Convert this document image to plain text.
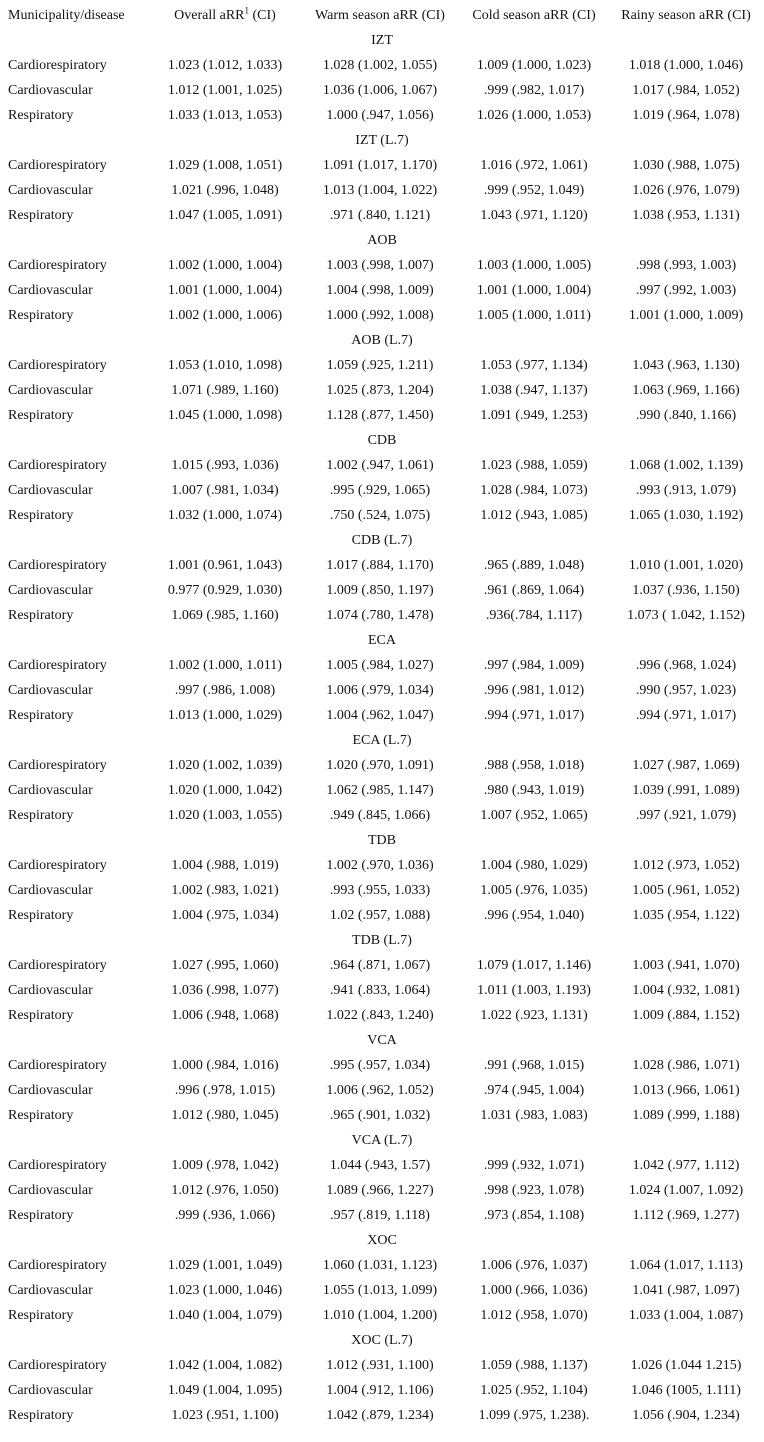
Municipality/disease	Overall aRR$^1$ (CI)	Warm season aRR (CI)	Cold season aRR (CI)	Rainy season aRR (CI)
IZT				
Cardiorespiratory	1.023 (1.012, 1.033)	1.028 (1.002, 1.055)	1.009 (1.000, 1.023)	1.018 (1.000, 1.046)
Cardiovascular	1.012 (1.001, 1.025)	1.036 (1.006, 1.067)	.999 (.982, 1.017)	1.017 (.984, 1.052)
Respiratory	1.033 (1.013, 1.053)	1.000 (.947, 1.056)	1.026 (1.000, 1.053)	1.019 (.964, 1.078)
IZT (L.7)				
Cardiorespiratory	1.029 (1.008, 1.051)	1.091 (1.017, 1.170)	1.016 (.972, 1.061)	1.030 (.988, 1.075)
Cardiovascular	1.021 (.996, 1.048)	1.013 (1.004, 1.022)	.999 (.952, 1.049)	1.026 (.976, 1.079)
Respiratory	1.047 (1.005, 1.091)	.971 (.840, 1.121)	1.043 (.971, 1.120)	1.038 (.953, 1.131)
AOB				
Cardiorespiratory	1.002 (1.000, 1.004)	1.003 (.998, 1.007)	1.003 (1.000, 1.005)	.998 (.993, 1.003)
Cardiovascular	1.001 (1.000, 1.004)	1.004 (.998, 1.009)	1.001 (1.000, 1.004)	.997 (.992, 1.003)
Respiratory	1.002 (1.000, 1.006)	1.000 (.992, 1.008)	1.005 (1.000, 1.011)	1.001 (1.000, 1.009)
AOB (L.7)				
Cardiorespiratory	1.053 (1.010, 1.098)	1.059 (.925, 1.211)	1.053 (.977, 1.134)	1.043 (.963, 1.130)
Cardiovascular	1.071 (.989, 1.160)	1.025 (.873, 1.204)	1.038 (.947, 1.137)	1.063 (.969, 1.166)
Respiratory	1.045 (1.000, 1.098)	1.128 (.877, 1.450)	1.091 (.949, 1.253)	.990 (.840, 1.166)
CDB				
Cardiorespiratory	1.015 (.993, 1.036)	1.002 (.947, 1.061)	1.023 (.988, 1.059)	1.068 (1.002, 1.139)
Cardiovascular	1.007 (.981, 1.034)	.995 (.929, 1.065)	1.028 (.984, 1.073)	.993 (.913, 1.079)
Respiratory	1.032 (1.000, 1.074)	.750 (.524, 1.075)	1.012 (.943, 1.085)	1.065 (1.030, 1.192)
CDB (L.7)				
Cardiorespiratory	1.001 (0.961, 1.043)	1.017 (.884, 1.170)	.965 (.889, 1.048)	1.010 (1.001, 1.020)
Cardiovascular	0.977 (0.929, 1.030)	1.009 (.850, 1.197)	.961 (.869, 1.064)	1.037 (.936, 1.150)
Respiratory	1.069 (.985, 1.160)	1.074 (.780, 1.478)	.936(.784, 1.117)	1.073 ( 1.042, 1.152)
ECA				
Cardiorespiratory	1.002 (1.000, 1.011)	1.005 (.984, 1.027)	.997 (.984, 1.009)	.996 (.968, 1.024)
Cardiovascular	.997 (.986, 1.008)	1.006 (.979, 1.034)	.996 (.981, 1.012)	.990 (.957, 1.023)
Respiratory	1.013 (1.000, 1.029)	1.004 (.962, 1.047)	.994 (.971, 1.017)	.994 (.971, 1.017)
ECA (L.7)				
Cardiorespiratory	1.020 (1.002, 1.039)	1.020 (.970, 1.091)	.988 (.958, 1.018)	1.027 (.987, 1.069)
Cardiovascular	1.020 (1.000, 1.042)	1.062 (.985, 1.147)	.980 (.943, 1.019)	1.039 (.991, 1.089)
Respiratory	1.020 (1.003, 1.055)	.949 (.845, 1.066)	1.007 (.952, 1.065)	.997 (.921, 1.079)
TDB				
Cardiorespiratory	1.004 (.988, 1.019)	1.002 (.970, 1.036)	1.004 (.980, 1.029)	1.012 (.973, 1.052)
Cardiovascular	1.002 (.983, 1.021)	.993 (.955, 1.033)	1.005 (.976, 1.035)	1.005 (.961, 1.052)
Respiratory	1.004 (.975, 1.034)	1.02 (.957, 1.088)	.996 (.954, 1.040)	1.035 (.954, 1.122)
TDB (L.7)				
Cardiorespiratory	1.027 (.995, 1.060)	.964 (.871, 1.067)	1.079 (1.017, 1.146)	1.003 (.941, 1.070)
Cardiovascular	1.036 (.998, 1.077)	.941 (.833, 1.064)	1.011 (1.003, 1.193)	1.004 (.932, 1.081)
Respiratory	1.006 (.948, 1.068)	1.022 (.843, 1.240)	1.022 (.923, 1.131)	1.009 (.884, 1.152)
VCA				
Cardiorespiratory	1.000 (.984, 1.016)	.995 (.957, 1.034)	.991 (.968, 1.015)	1.028 (.986, 1.071)
Cardiovascular	.996 (.978, 1.015)	1.006 (.962, 1.052)	.974 (.945, 1.004)	1.013 (.966, 1.061)
Respiratory	1.012 (.980, 1.045)	.965 (.901, 1.032)	1.031 (.983, 1.083)	1.089 (.999, 1.188)
VCA (L.7)				
Cardiorespiratory	1.009 (.978, 1.042)	1.044 (.943, 1.57)	.999 (.932, 1.071)	1.042 (.977, 1.112)
Cardiovascular	1.012 (.976, 1.050)	1.089 (.966, 1.227)	.998 (.923, 1.078)	1.024 (1.007, 1.092)
Respiratory	.999 (.936, 1.066)	.957 (.819, 1.118)	.973 (.854, 1.108)	1.112 (.969, 1.277)
XOC				
Cardiorespiratory	1.029 (1.001, 1.049)	1.060 (1.031, 1.123)	1.006 (.976, 1.037)	1.064 (1.017, 1.113)
Cardiovascular	1.023 (1.000, 1.046)	1.055 (1.013, 1.099)	1.000 (.966, 1.036)	1.041 (.987, 1.097)
Respiratory	1.040 (1.004, 1.079)	1.010 (1.004, 1.200)	1.012 (.958, 1.070)	1.033 (1.004, 1.087)
XOC (L.7)				
Cardiorespiratory	1.042 (1.004, 1.082)	1.012 (.931, 1.100)	1.059 (.988, 1.137)	1.026 (1.044 1.215)
Cardiovascular	1.049 (1.004, 1.095)	1.004 (.912, 1.106)	1.025 (.952, 1.104)	1.046 (1005, 1.111)
Respiratory	1.023 (.951, 1.100)	1.042 (.879, 1.234)	1.099 (.975, 1.238).	1.056 (.904, 1.234)
